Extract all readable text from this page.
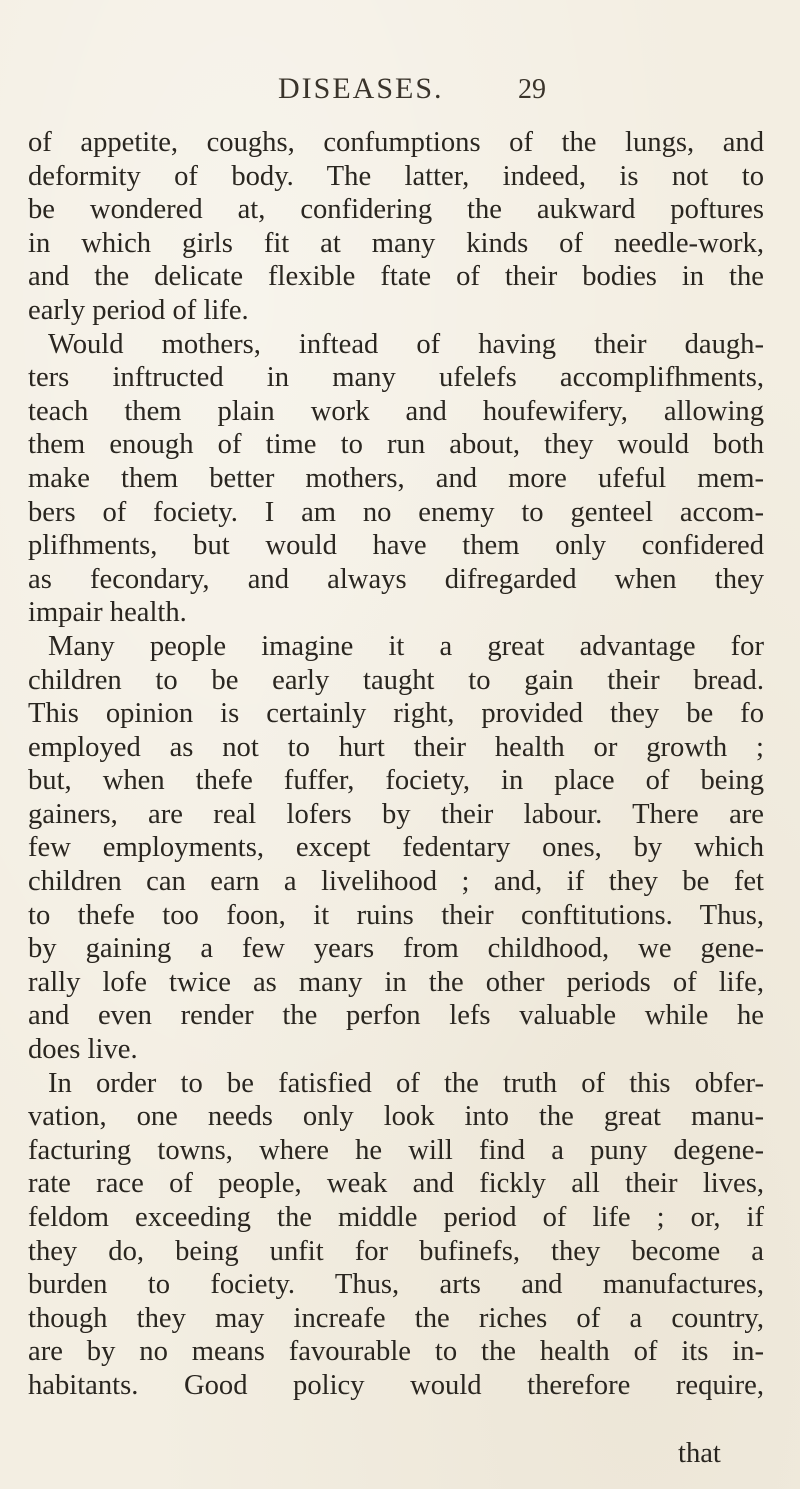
DISEASES.	29
of appetite, coughs, confumptions of the lungs, and
deformity of body. The latter, indeed, is not to
be wondered at, confidering the aukward poftures
in which girls fit at many kinds of needle-work,
and the delicate flexible ftate of their bodies in the
early period of life.
Would mothers, inftead of having their daugh-
ters inftructed in many ufelefs accomplifhments,
teach them plain work and houfewifery, allowing
them enough of time to run about, they would both
make them better mothers, and more ufeful mem-
bers of fociety. I am no enemy to genteel accom-
plifhments, but would have them only confidered
as fecondary, and always difregarded when they
impair health.
Many people imagine it a great advantage for
children to be early taught to gain their bread.
This opinion is certainly right, provided they be fo
employed as not to hurt their health or growth ;
but, when thefe fuffer, fociety, in place of being
gainers, are real lofers by their labour. There are
few employments, except fedentary ones, by which
children can earn a livelihood ; and, if they be fet
to thefe too foon, it ruins their conftitutions. Thus,
by gaining a few years from childhood, we gene-
rally lofe twice as many in the other periods of life,
and even render the perfon lefs valuable while he
does live.
In order to be fatisfied of the truth of this obfer-
vation, one needs only look into the great manu-
facturing towns, where he will find a puny degene-
rate race of people, weak and fickly all their lives,
feldom exceeding the middle period of life ; or, if
they do, being unfit for bufinefs, they become a
burden to fociety. Thus, arts and manufactures,
though they may increafe the riches of a country,
are by no means favourable to the health of its in-
habitants. Good policy would therefore require,
that
